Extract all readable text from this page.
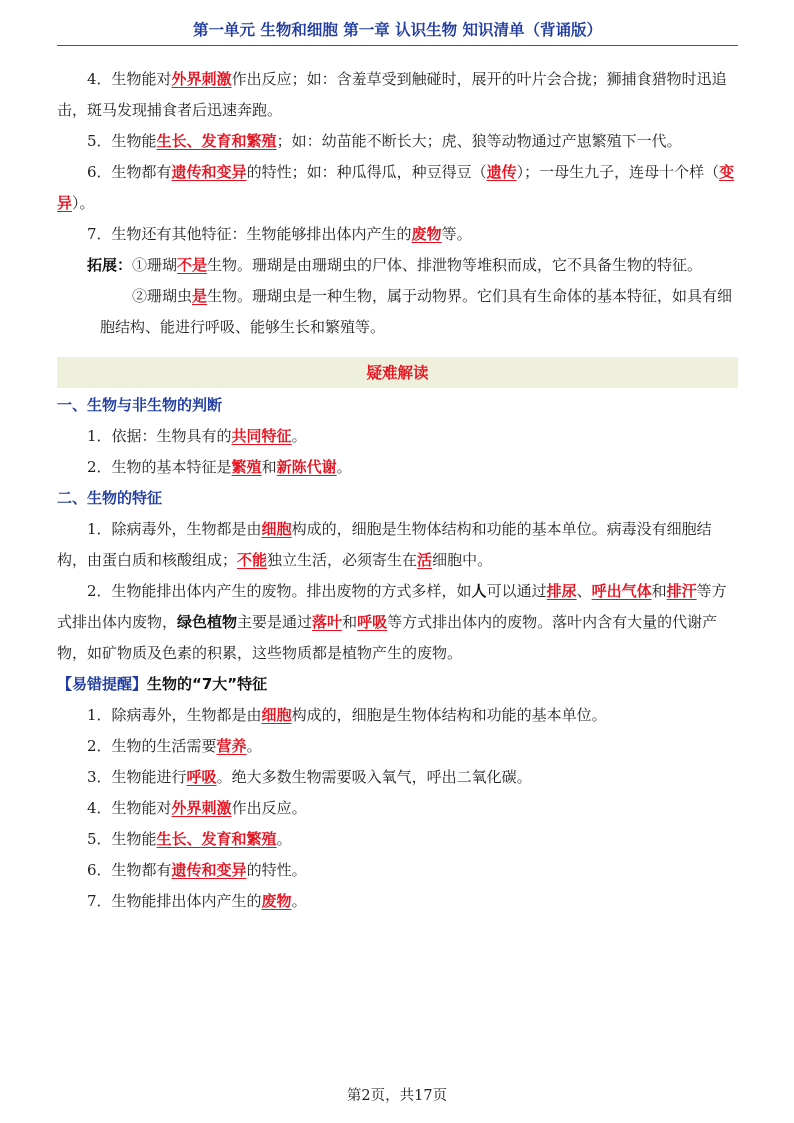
第一单元 生物和细胞 第一章 认识生物 知识清单（背诵版）

4．生物能对外界刺激作出反应；如：含羞草受到触碰时，展开的叶片会合拢；狮捕食猎物时迅追击，斑马发现捕食者后迅速奔跑。

5．生物能生长、发育和繁殖；如：幼苗能不断长大；虎、狼等动物通过产崽繁殖下一代。

6．生物都有遗传和变异的特性；如：种瓜得瓜，种豆得豆（遗传）；一母生九子，连母十个样（变异）。

7．生物还有其他特征：生物能够排出体内产生的废物等。

拓展：①珊瑚不是生物。珊瑚是由珊瑚虫的尸体、排泄物等堆积而成，它不具备生物的特征。

②珊瑚虫是生物。珊瑚虫是一种生物，属于动物界。它们具有生命体的基本特征，如具有细胞结构、能进行呼吸、能够生长和繁殖等。

疑难解读

一、生物与非生物的判断

1．依据：生物具有的共同特征。

2．生物的基本特征是繁殖和新陈代谢。

二、生物的特征

1．除病毒外，生物都是由细胞构成的，细胞是生物体结构和功能的基本单位。病毒没有细胞结构，由蛋白质和核酸组成；不能独立生活，必须寄生在活细胞中。

2．生物能排出体内产生的废物。排出废物的方式多样，如人可以通过排尿、呼出气体和排汗等方式排出体内废物，绿色植物主要是通过落叶和呼吸等方式排出体内的废物。落叶内含有大量的代谢产物，如矿物质及色素的积累，这些物质都是植物产生的废物。

【易错提醒】生物的“7大”特征

1．除病毒外，生物都是由细胞构成的，细胞是生物体结构和功能的基本单位。

2．生物的生活需要营养。

3．生物能进行呼吸。绝大多数生物需要吸入氧气，呼出二氧化碳。

4．生物能对外界刺激作出反应。

5．生物能生长、发育和繁殖。

6．生物都有遗传和变异的特性。

7．生物能排出体内产生的废物。

第2页，共17页
